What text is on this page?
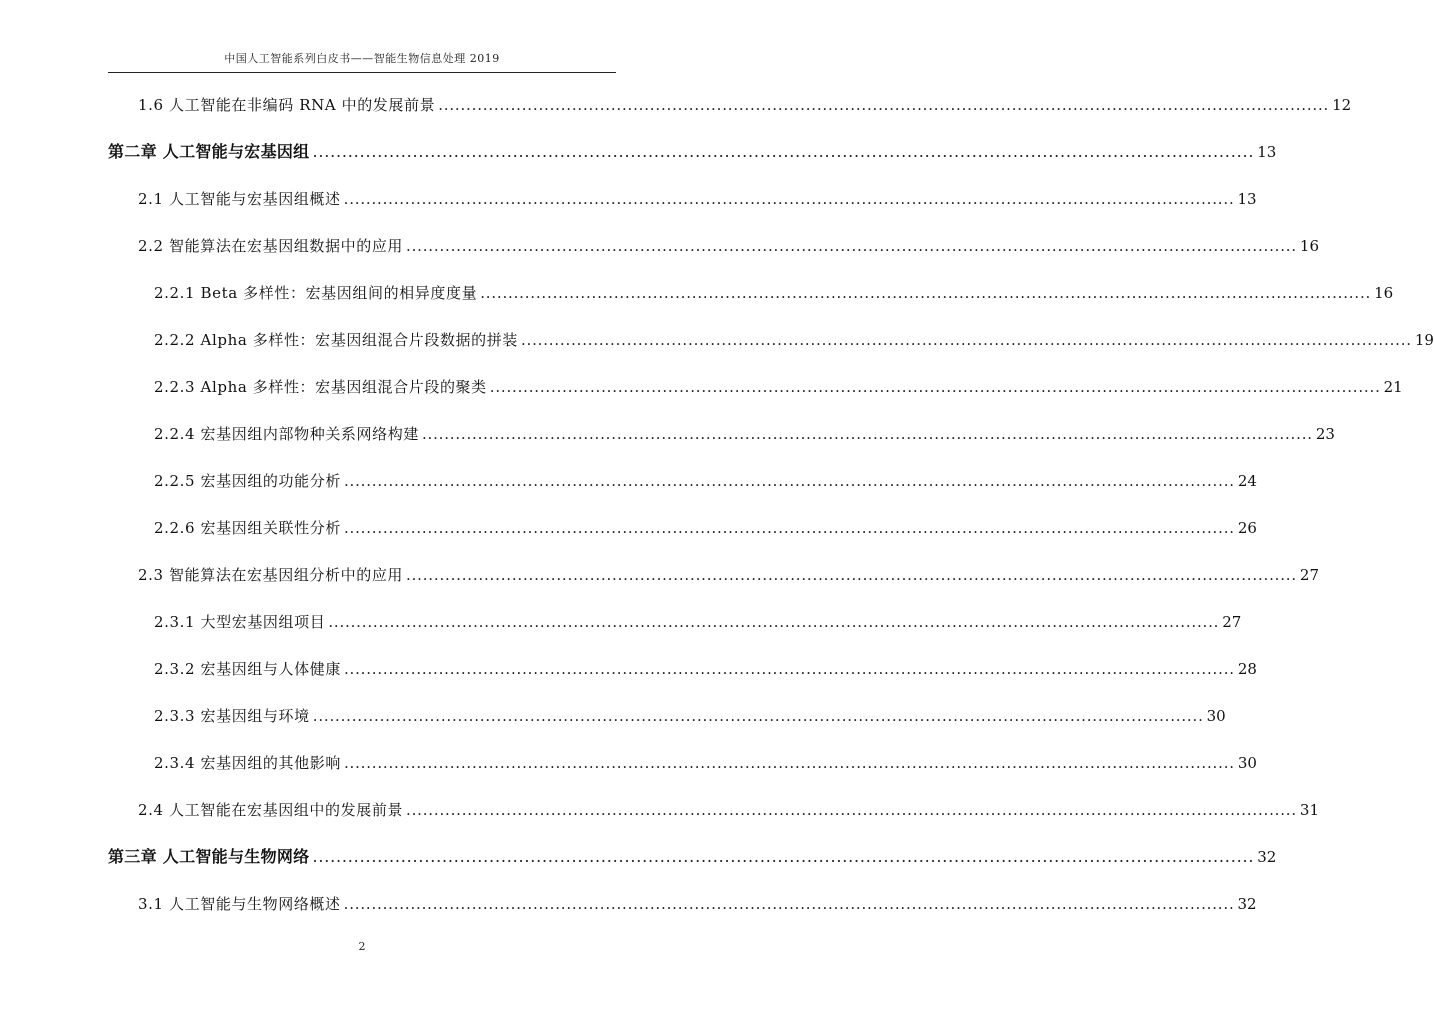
中国人工智能系列白皮书——智能生物信息处理 2019
1.6 人工智能在非编码 RNA 中的发展前景 ................................................................................................................................................................ 12
第二章 人工智能与宏基因组 ................................................................................................................................................................ 13
2.1 人工智能与宏基因组概述 ................................................................................................................................................................ 13
2.2 智能算法在宏基因组数据中的应用 ................................................................................................................................................................ 16
2.2.1 Beta 多样性：宏基因组间的相异度度量 ................................................................................................................................................................ 16
2.2.2 Alpha 多样性：宏基因组混合片段数据的拼装 ................................................................................................................................................................ 19
2.2.3 Alpha 多样性：宏基因组混合片段的聚类 ................................................................................................................................................................ 21
2.2.4 宏基因组内部物种关系网络构建 ................................................................................................................................................................ 23
2.2.5 宏基因组的功能分析 ................................................................................................................................................................ 24
2.2.6 宏基因组关联性分析 ................................................................................................................................................................ 26
2.3 智能算法在宏基因组分析中的应用 ................................................................................................................................................................ 27
2.3.1 大型宏基因组项目 ................................................................................................................................................................ 27
2.3.2 宏基因组与人体健康 ................................................................................................................................................................ 28
2.3.3 宏基因组与环境 ................................................................................................................................................................ 30
2.3.4 宏基因组的其他影响 ................................................................................................................................................................ 30
2.4 人工智能在宏基因组中的发展前景 ................................................................................................................................................................ 31
第三章 人工智能与生物网络 ................................................................................................................................................................ 32
3.1 人工智能与生物网络概述 ................................................................................................................................................................ 32
2
